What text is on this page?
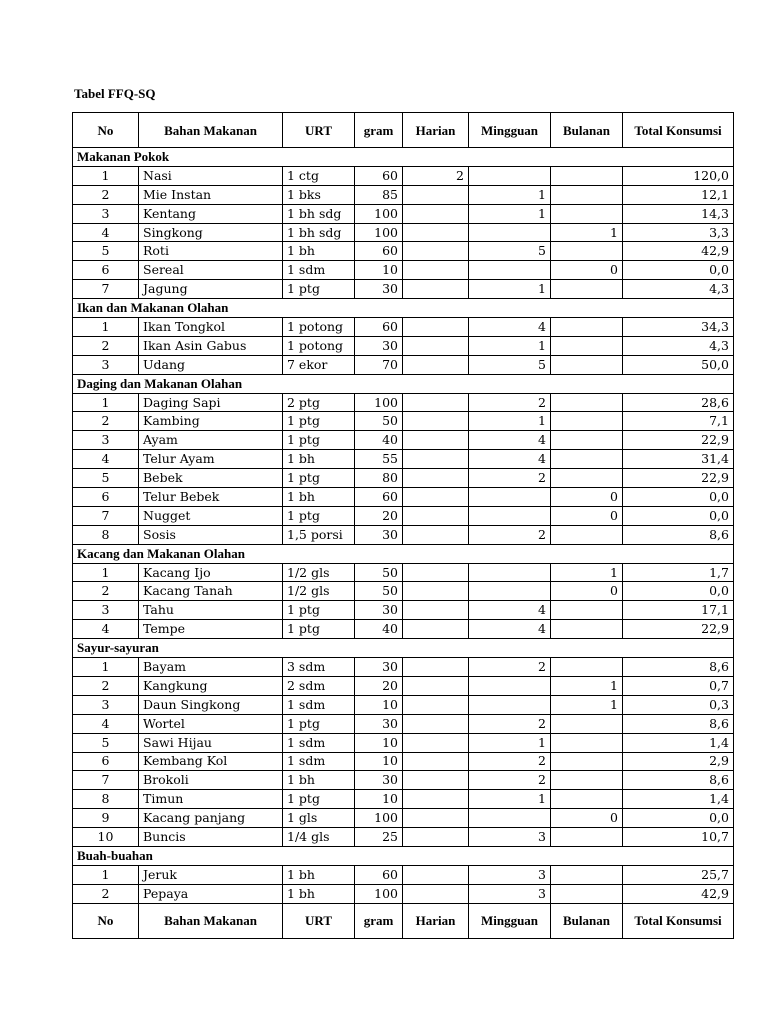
Tabel FFQ-SQ
No	Bahan Makanan	URT	gram	Harian	Mingguan	Bulanan	Total Konsumsi
Makanan Pokok							
1	Nasi	1 ctg	60	2			120,0
2	Mie Instan	1 bks	85		1		12,1
3	Kentang	1 bh sdg	100		1		14,3
4	Singkong	1 bh sdg	100			1	3,3
5	Roti	1 bh	60		5		42,9
6	Sereal	1 sdm	10			0	0,0
7	Jagung	1 ptg	30		1		4,3
Ikan dan Makanan Olahan							
1	Ikan Tongkol	1 potong	60		4		34,3
2	Ikan Asin Gabus	1 potong	30		1		4,3
3	Udang	7 ekor	70		5		50,0
Daging dan Makanan Olahan							
1	Daging Sapi	2 ptg	100		2		28,6
2	Kambing	1 ptg	50		1		7,1
3	Ayam	1 ptg	40		4		22,9
4	Telur Ayam	1 bh	55		4		31,4
5	Bebek	1 ptg	80		2		22,9
6	Telur Bebek	1 bh	60			0	0,0
7	Nugget	1 ptg	20			0	0,0
8	Sosis	1,5 porsi	30		2		8,6
Kacang dan Makanan Olahan							
1	Kacang Ijo	1/2 gls	50			1	1,7
2	Kacang Tanah	1/2 gls	50			0	0,0
3	Tahu	1 ptg	30		4		17,1
4	Tempe	1 ptg	40		4		22,9
Sayur-sayuran							
1	Bayam	3 sdm	30		2		8,6
2	Kangkung	2 sdm	20			1	0,7
3	Daun Singkong	1 sdm	10			1	0,3
4	Wortel	1 ptg	30		2		8,6
5	Sawi Hijau	1 sdm	10		1		1,4
6	Kembang Kol	1 sdm	10		2		2,9
7	Brokoli	1 bh	30		2		8,6
8	Timun	1 ptg	10		1		1,4
9	Kacang panjang	1 gls	100			0	0,0
10	Buncis	1/4 gls	25		3		10,7
Buah-buahan							
1	Jeruk	1 bh	60		3		25,7
2	Pepaya	1 bh	100		3		42,9
No	Bahan Makanan	URT	gram	Harian	Mingguan	Bulanan	Total Konsumsi
